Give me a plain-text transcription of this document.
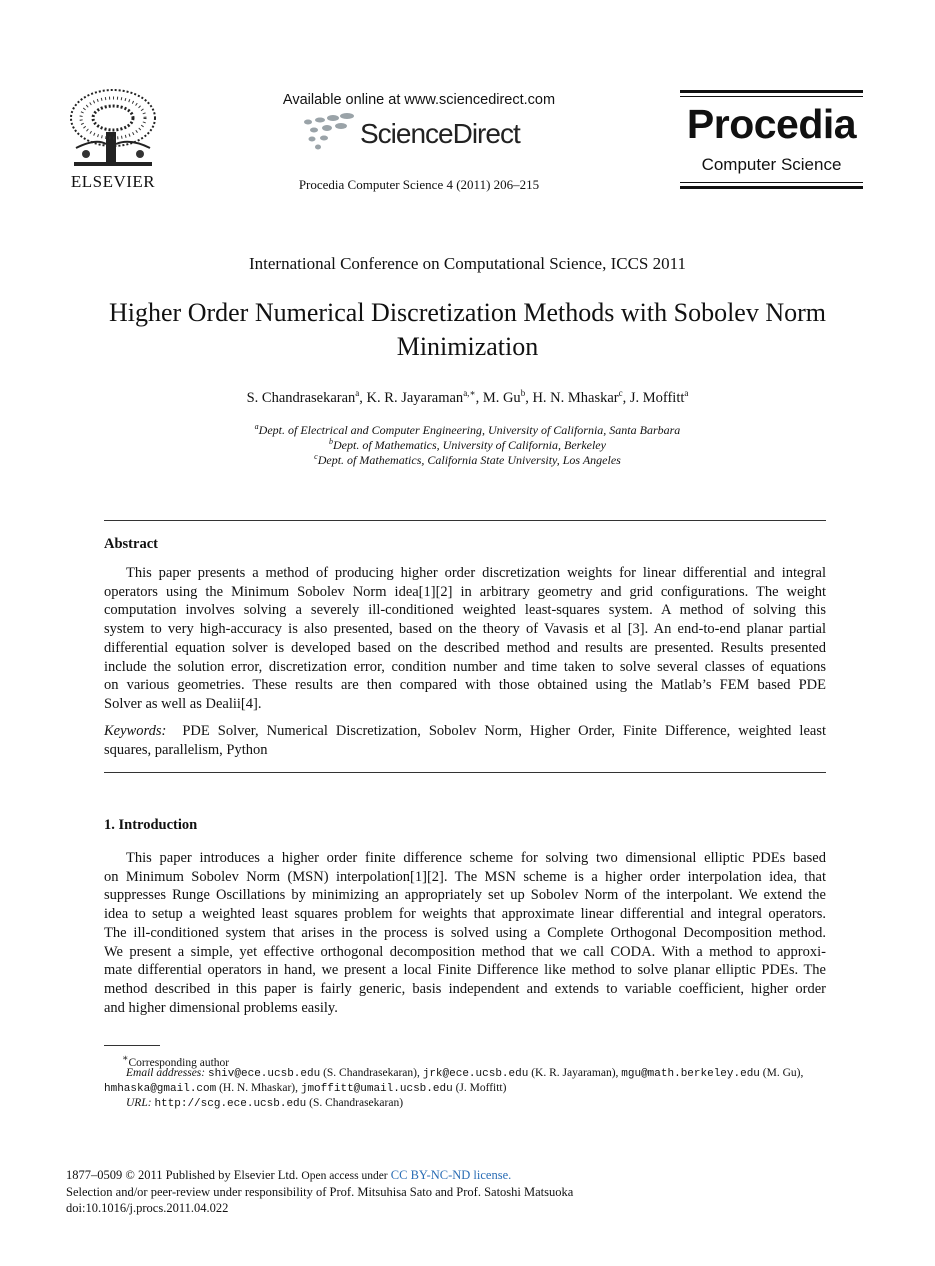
ELSEVIER
Available online at www.sciencedirect.com
ScienceDirect
Procedia Computer Science 4 (2011) 206–215
Procedia
Computer Science
International Conference on Computational Science, ICCS 2011
Higher Order Numerical Discretization Methods with Sobolev Norm Minimization
S. Chandrasekaran$^a$, K. R. Jayaraman$^{a,∗}$, M. Gu$^b$, H. N. Mhaskar$^c$, J. Moffitt$^a$
$^a$Dept. of Electrical and Computer Engineering, University of California, Santa Barbara
$^b$Dept. of Mathematics, University of California, Berkeley
$^c$Dept. of Mathematics, California State University, Los Angeles
Abstract
This paper presents a method of producing higher order discretization weights for linear differential and integral
operators using the Minimum Sobolev Norm idea[1][2] in arbitrary geometry and grid configurations. The weight
computation involves solving a severely ill-conditioned weighted least-squares system. A method of solving this
system to very high-accuracy is also presented, based on the theory of Vavasis et al [3]. An end-to-end planar partial
differential equation solver is developed based on the described method and results are presented. Results presented
include the solution error, discretization error, condition number and time taken to solve several classes of equations
on various geometries. These results are then compared with those obtained using the Matlab’s FEM based PDE
Solver as well as Dealii[4].
Keywords: PDE Solver, Numerical Discretization, Sobolev Norm, Higher Order, Finite Difference, weighted least
squares, parallelism, Python
1. Introduction
This paper introduces a higher order finite difference scheme for solving two dimensional elliptic PDEs based
on Minimum Sobolev Norm (MSN) interpolation[1][2]. The MSN scheme is a higher order interpolation idea, that
suppresses Runge Oscillations by minimizing an appropriately set up Sobolev Norm of the interpolant. We extend the
idea to setup a weighted least squares problem for weights that approximate linear differential and integral operators.
The ill-conditioned system that arises in the process is solved using a Complete Orthogonal Decomposition method.
We present a simple, yet effective orthogonal decomposition method that we call CODA. With a method to approxi-
mate differential operators in hand, we present a local Finite Difference like method to solve planar elliptic PDEs. The
method described in this paper is fairly generic, basis independent and extends to variable coefficient, higher order
and higher dimensional problems easily.
∗Corresponding author
Email addresses: shiv@ece.ucsb.edu (S. Chandrasekaran), jrk@ece.ucsb.edu (K. R. Jayaraman), mgu@math.berkeley.edu (M. Gu),
hmhaska@gmail.com (H. N. Mhaskar), jmoffitt@umail.ucsb.edu (J. Moffitt)
URL: http://scg.ece.ucsb.edu (S. Chandrasekaran)
1877–0509 © 2011 Published by Elsevier Ltd. Open access under CC BY-NC-ND license.
Selection and/or peer-review under responsibility of Prof. Mitsuhisa Sato and Prof. Satoshi Matsuoka
doi:10.1016/j.procs.2011.04.022
